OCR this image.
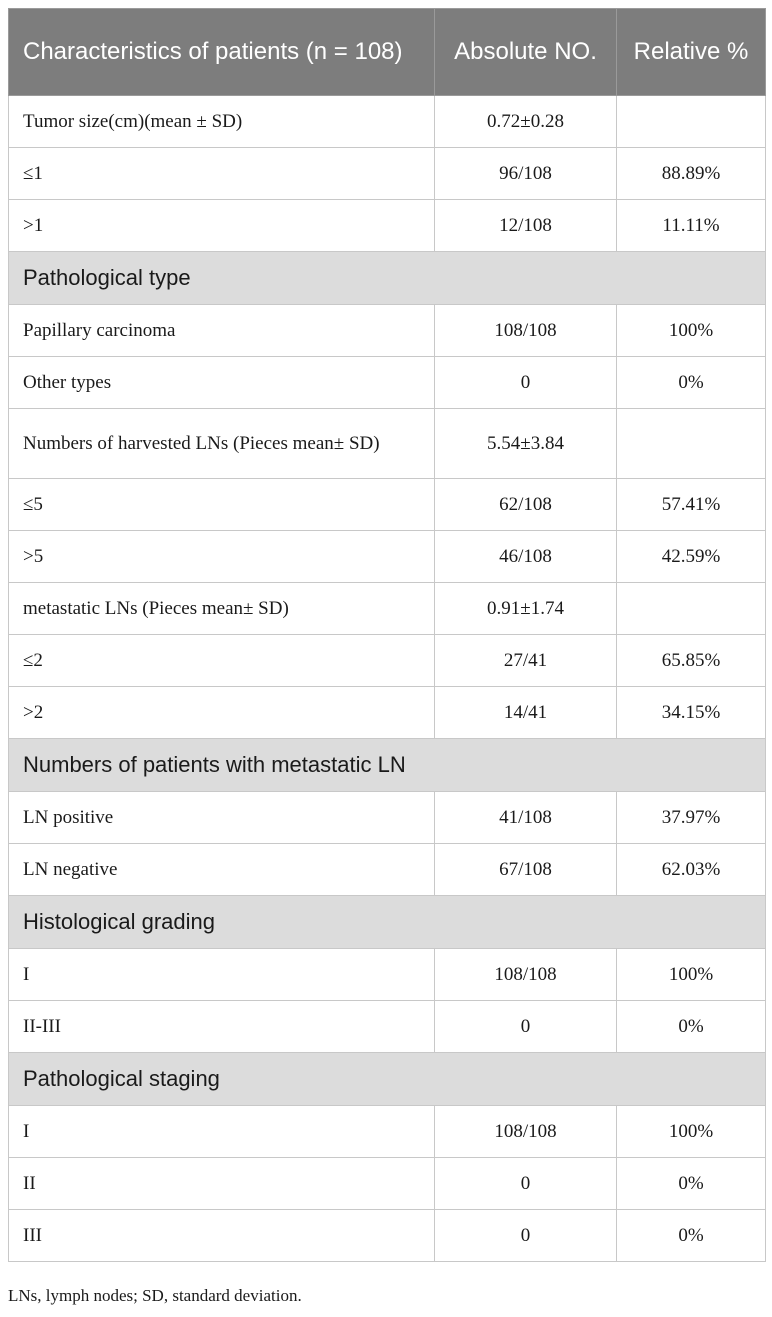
Characteristics of patients (n = 108)	Absolute NO.	Relative %
Tumor size(cm)(mean ± SD)	0.72±0.28	
≤1	96/108	88.89%
>1	12/108	11.11%
Pathological type		
Papillary carcinoma	108/108	100%
Other types	0	0%
Numbers of harvested LNs (Pieces mean± SD)	5.54±3.84	
≤5	62/108	57.41%
>5	46/108	42.59%
metastatic LNs (Pieces mean± SD)	0.91±1.74	
≤2	27/41	65.85%
>2	14/41	34.15%
Numbers of patients with metastatic LN		
LN positive	41/108	37.97%
LN negative	67/108	62.03%
Histological grading		
I	108/108	100%
II-III	0	0%
Pathological staging		
I	108/108	100%
II	0	0%
III	0	0%

LNs, lymph nodes; SD, standard deviation.
